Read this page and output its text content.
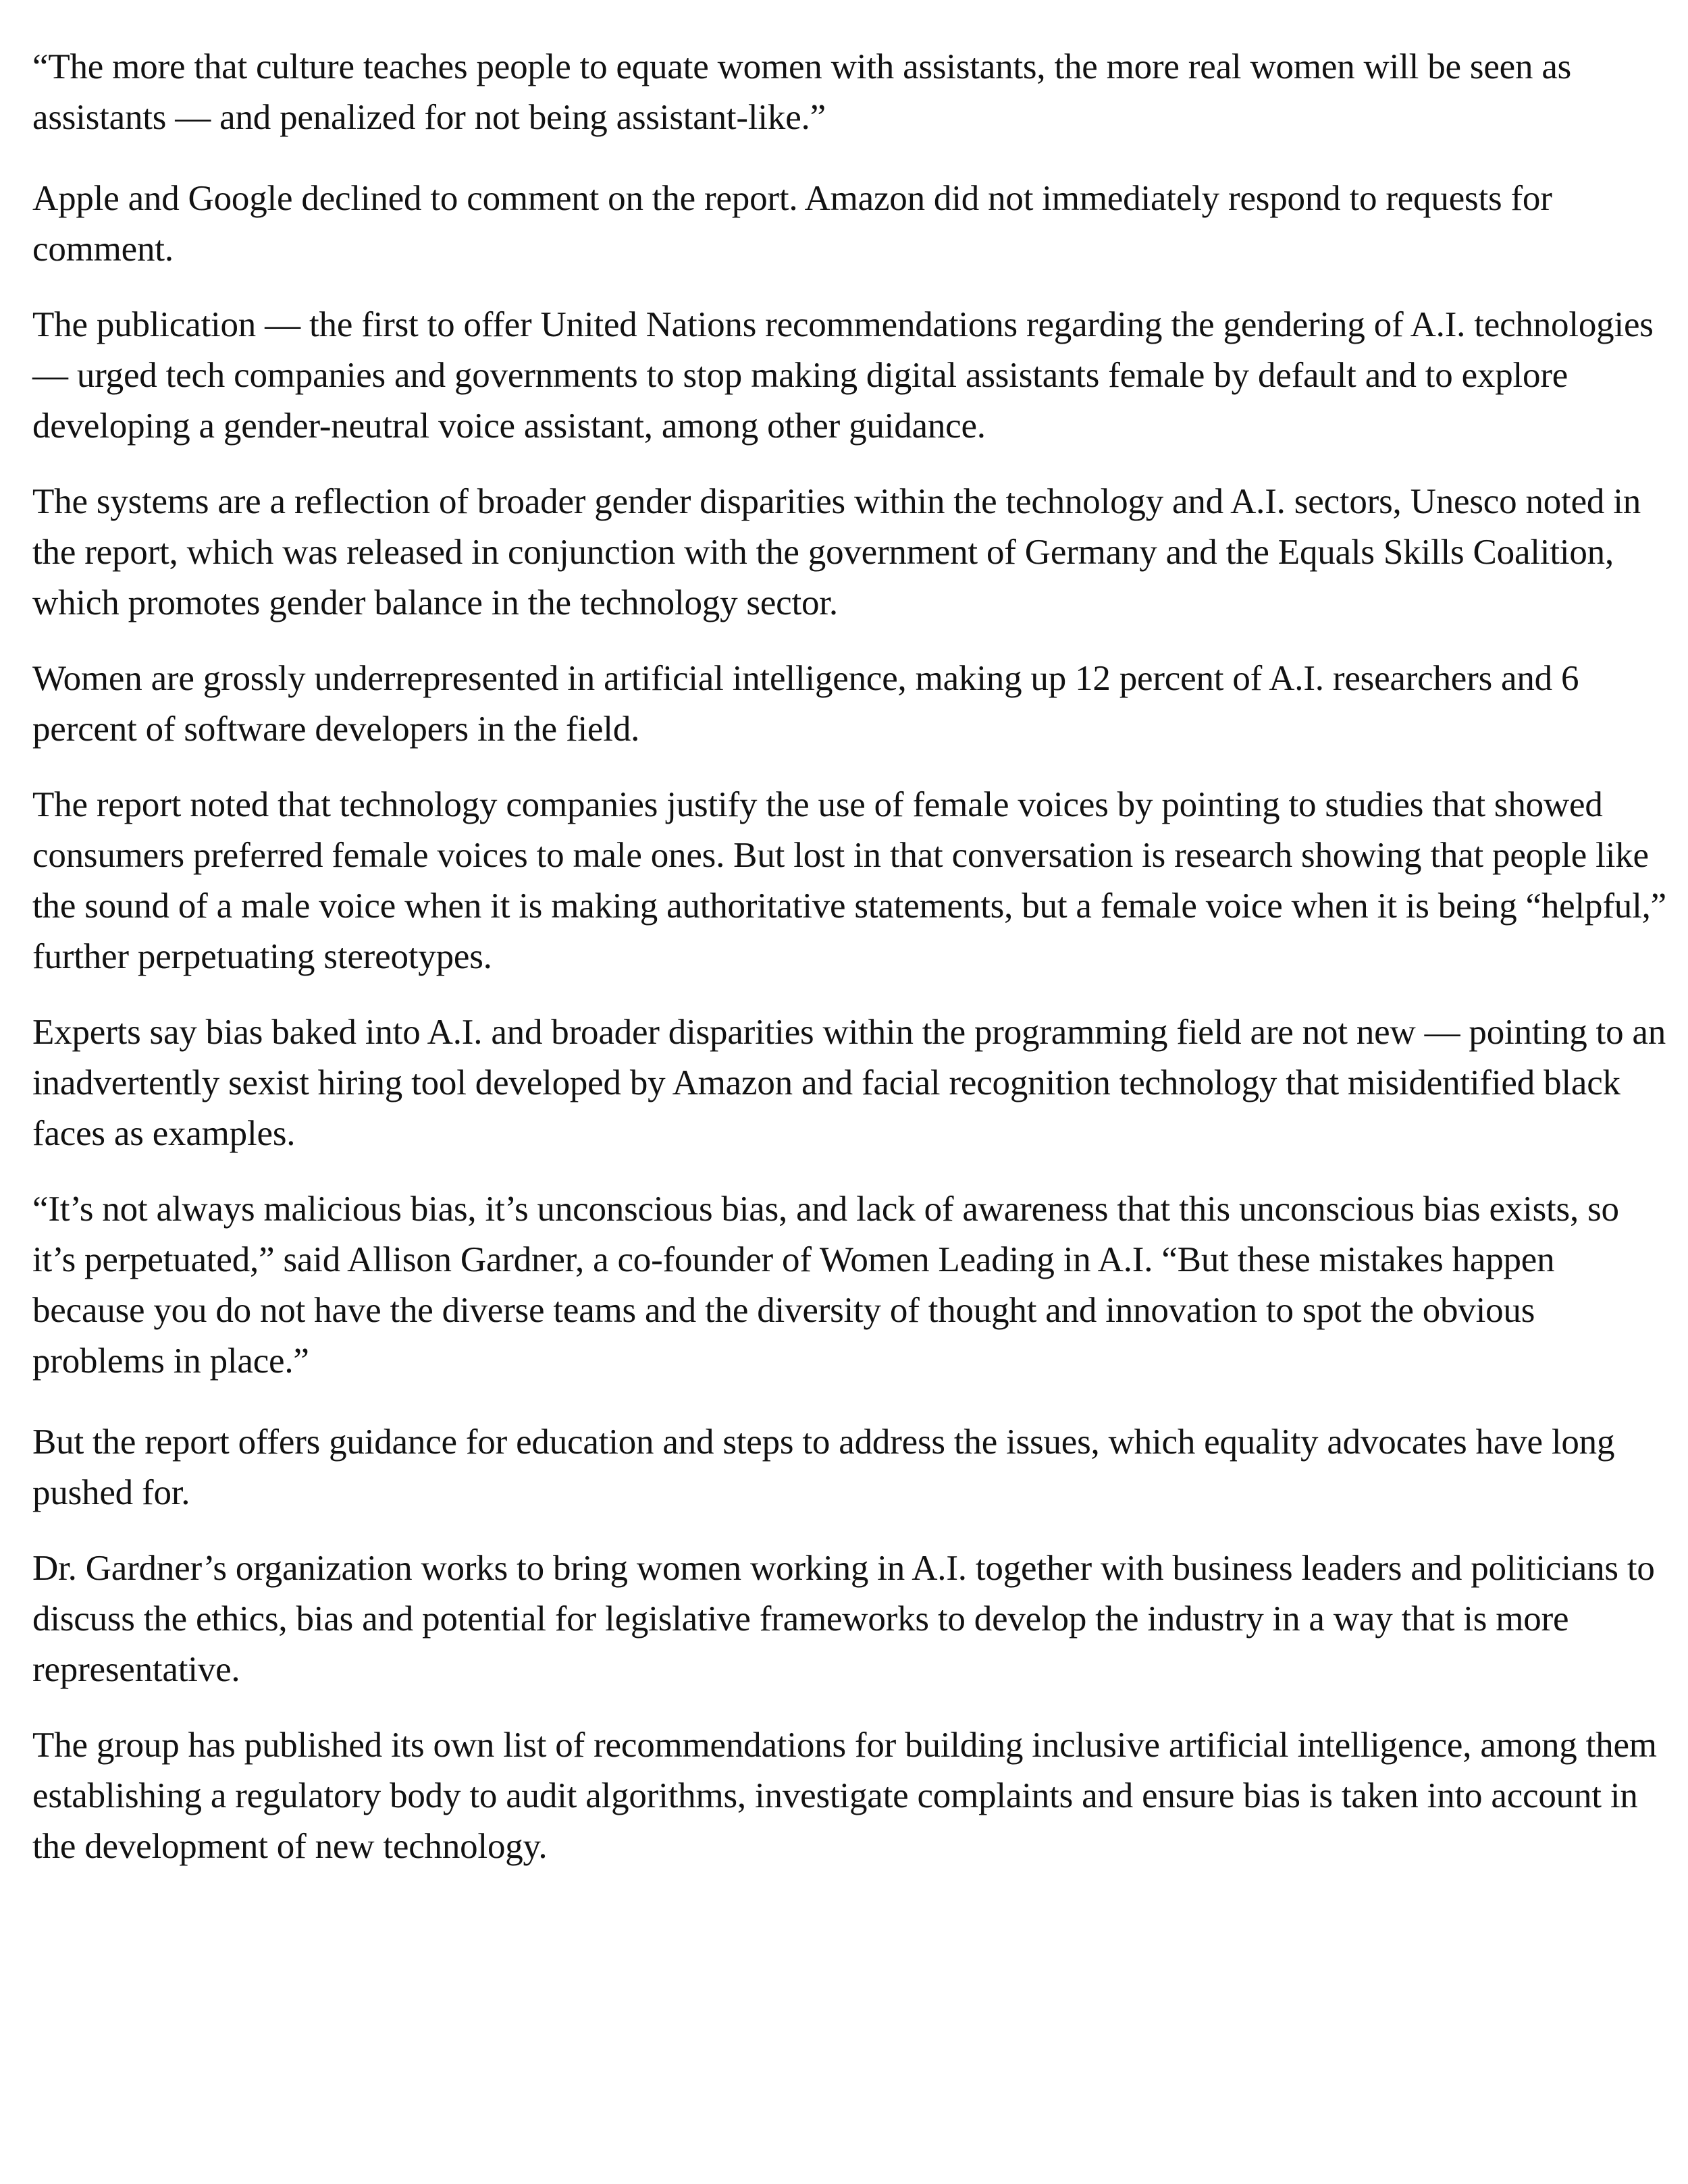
“The more that culture teaches people to equate women with assistants, the more real women will be seen as assistants — and penalized for not being assistant-like.”

Apple and Google declined to comment on the report. Amazon did not immediately respond to requests for comment.

The publication — the first to offer United Nations recommendations regarding the gendering of A.I. technologies — urged tech companies and governments to stop making digital assistants female by default and to explore developing a gender-neutral voice assistant, among other guidance.

The systems are a reflection of broader gender disparities within the technology and A.I. sectors, Unesco noted in the report, which was released in conjunction with the government of Germany and the Equals Skills Coalition, which promotes gender balance in the technology sector.

Women are grossly underrepresented in artificial intelligence, making up 12 percent of A.I. researchers and 6 percent of software developers in the field.

The report noted that technology companies justify the use of female voices by pointing to studies that showed consumers preferred female voices to male ones. But lost in that conversation is research showing that people like the sound of a male voice when it is making authoritative statements, but a female voice when it is being “helpful,” further perpetuating stereotypes.

Experts say bias baked into A.I. and broader disparities within the programming field are not new — pointing to an inadvertently sexist hiring tool developed by Amazon and facial recognition technology that misidentified black faces as examples.

“It’s not always malicious bias, it’s unconscious bias, and lack of awareness that this unconscious bias exists, so it’s perpetuated,” said Allison Gardner, a co-founder of Women Leading in A.I. “But these mistakes happen because you do not have the diverse teams and the diversity of thought and innovation to spot the obvious problems in place.”

But the report offers guidance for education and steps to address the issues, which equality advocates have long pushed for.

Dr. Gardner’s organization works to bring women working in A.I. together with business leaders and politicians to discuss the ethics, bias and potential for legislative frameworks to develop the industry in a way that is more representative.

The group has published its own list of recommendations for building inclusive artificial intelligence, among them establishing a regulatory body to audit algorithms, investigate complaints and ensure bias is taken into account in the development of new technology.
